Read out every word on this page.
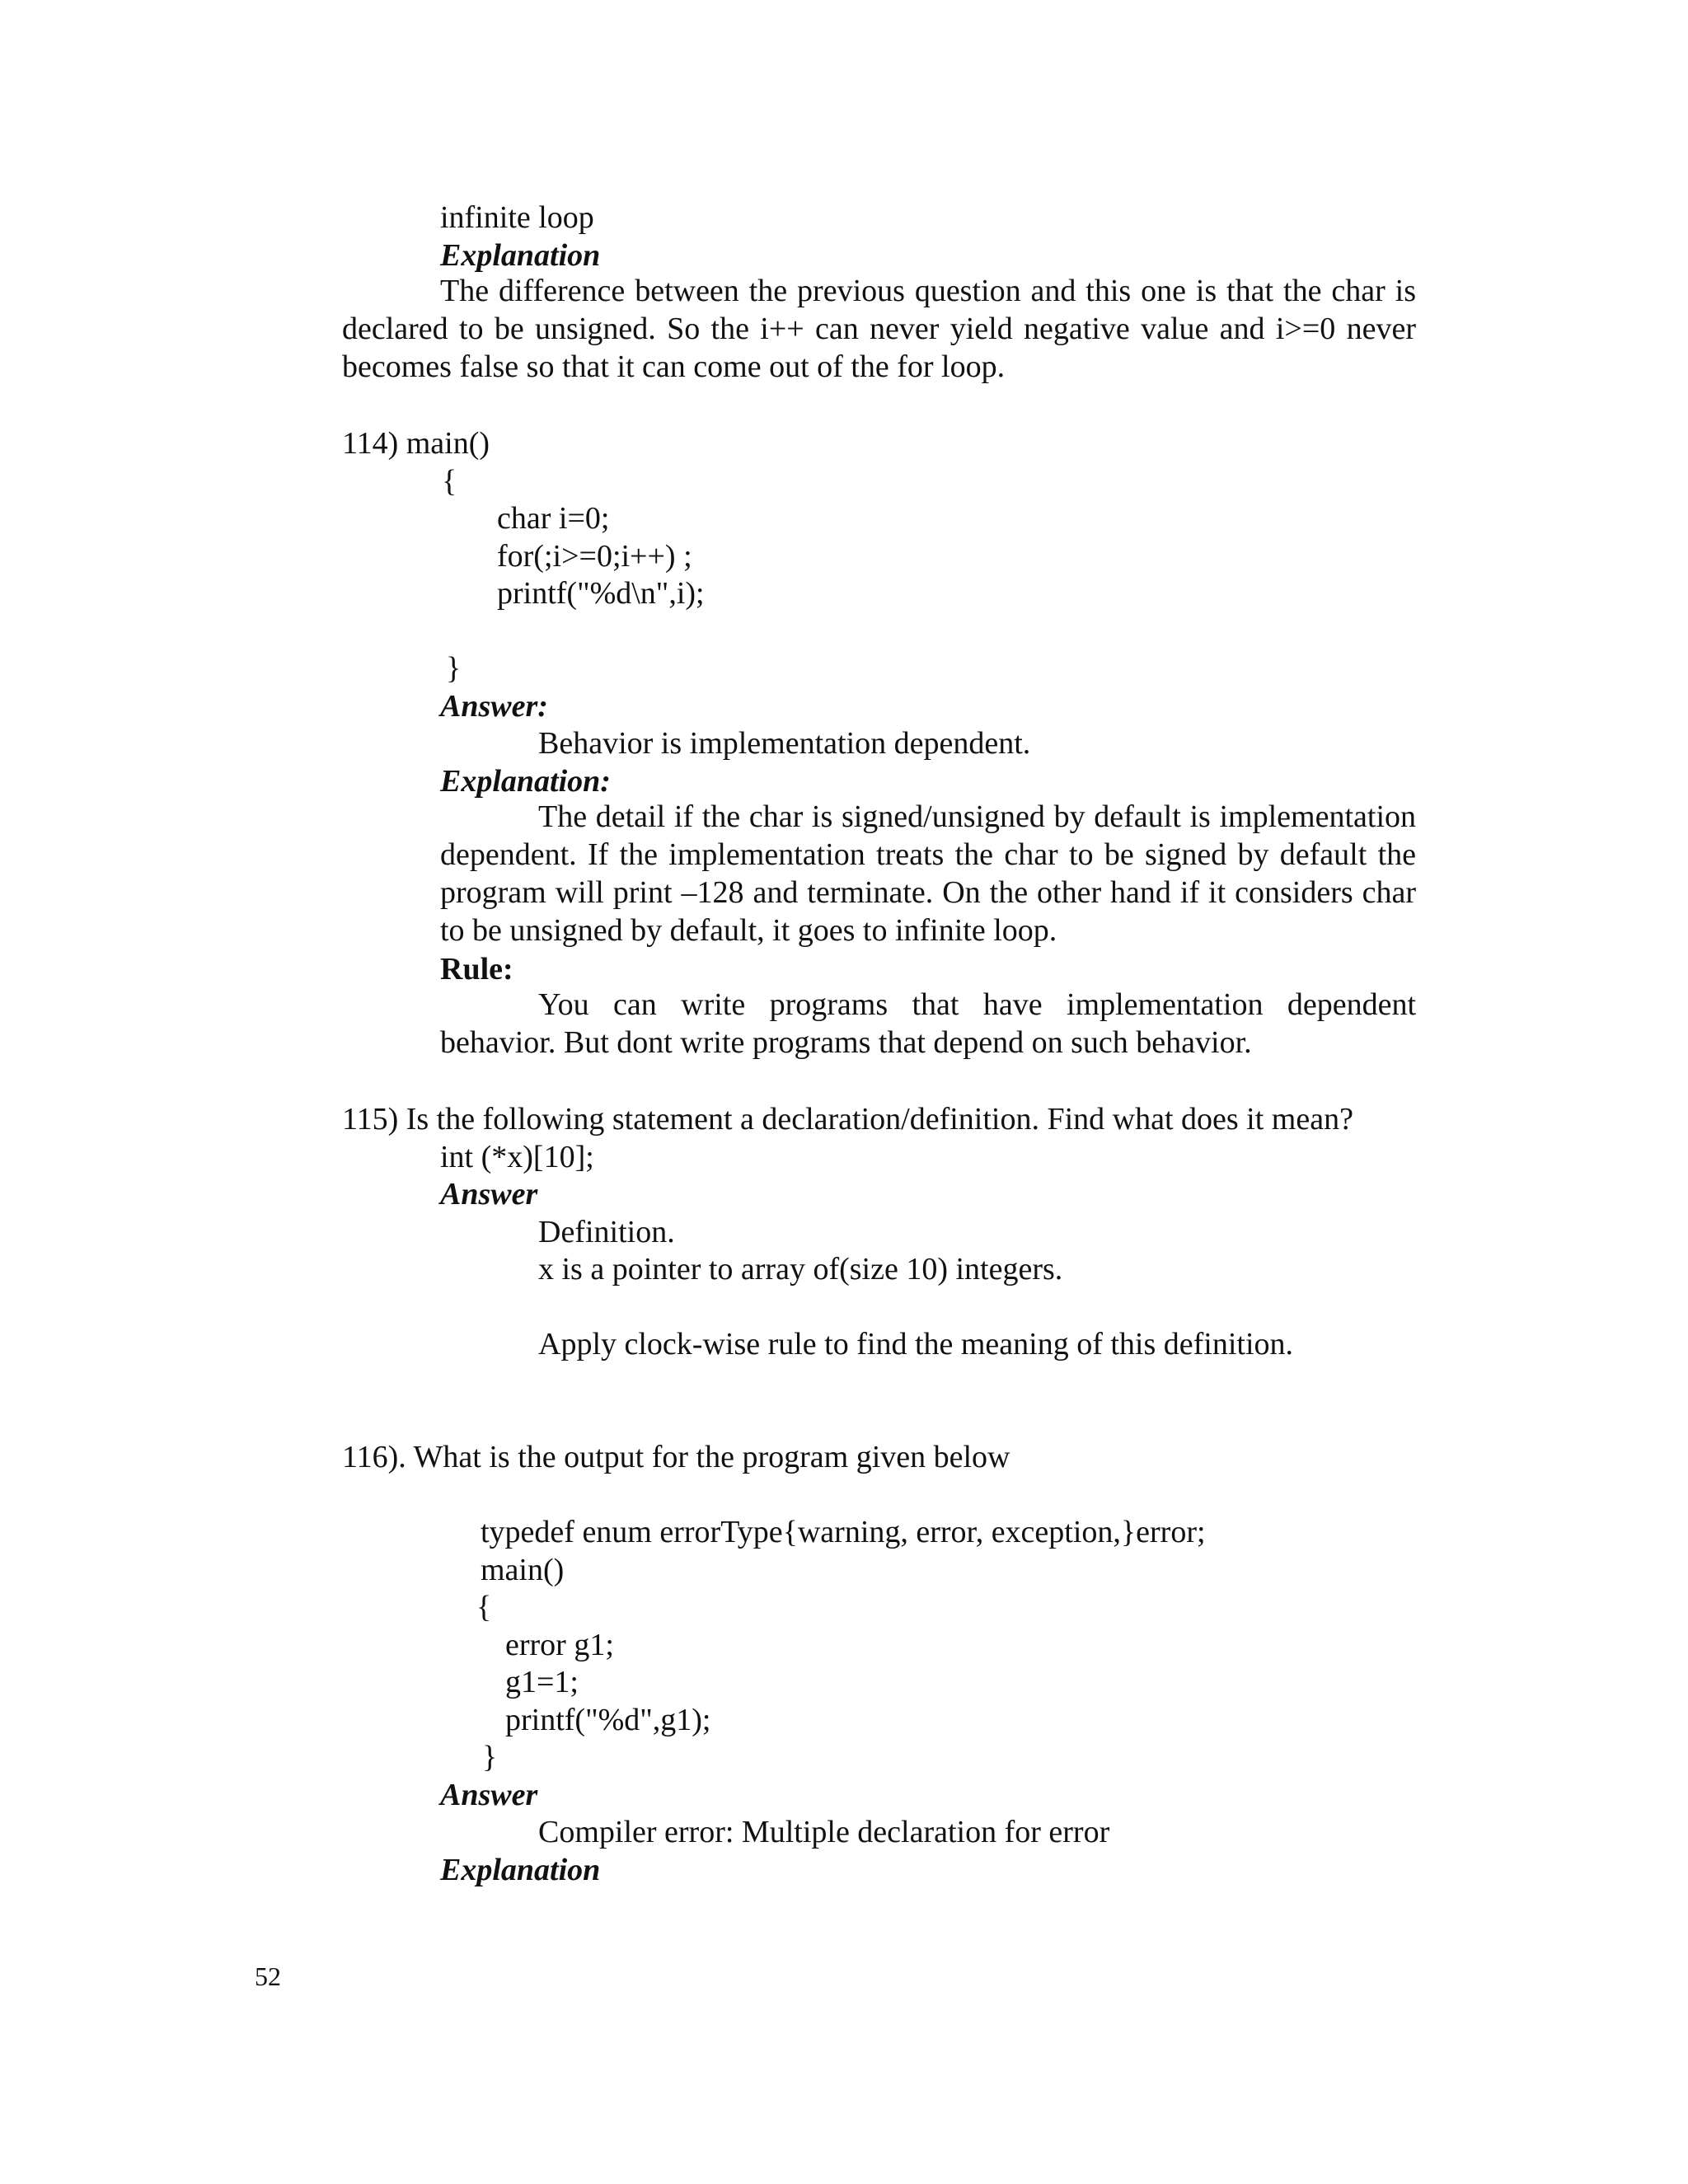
infinite loop
Explanation
The difference between the previous question and this one is that the char is declared to be unsigned. So the i++ can never yield negative value and i>=0 never becomes false so that it can come out of the for loop.
114) main()
{
char i=0;
for(;i>=0;i++) ;
printf("%d\n",i);
}
Answer:
Behavior is implementation dependent.
Explanation:
The detail if the char is signed/unsigned by default is implementation dependent. If the implementation treats the char to be signed by default the program will print –128 and terminate. On the other hand if it considers char to be unsigned by default, it goes to infinite loop.
Rule:
You can write programs that have implementation dependent behavior. But dont write programs that depend on such behavior.
115) Is the following statement a declaration/definition. Find what does it mean?
int (*x)[10];
Answer
Definition.
x is a pointer to array of(size 10) integers.
Apply clock-wise rule to find the meaning of this definition.
116). What is the output for the program given below
typedef enum errorType{warning, error, exception,}error;
main()
{
error g1;
g1=1;
printf("%d",g1);
}
Answer
Compiler error: Multiple declaration for error
Explanation
52
